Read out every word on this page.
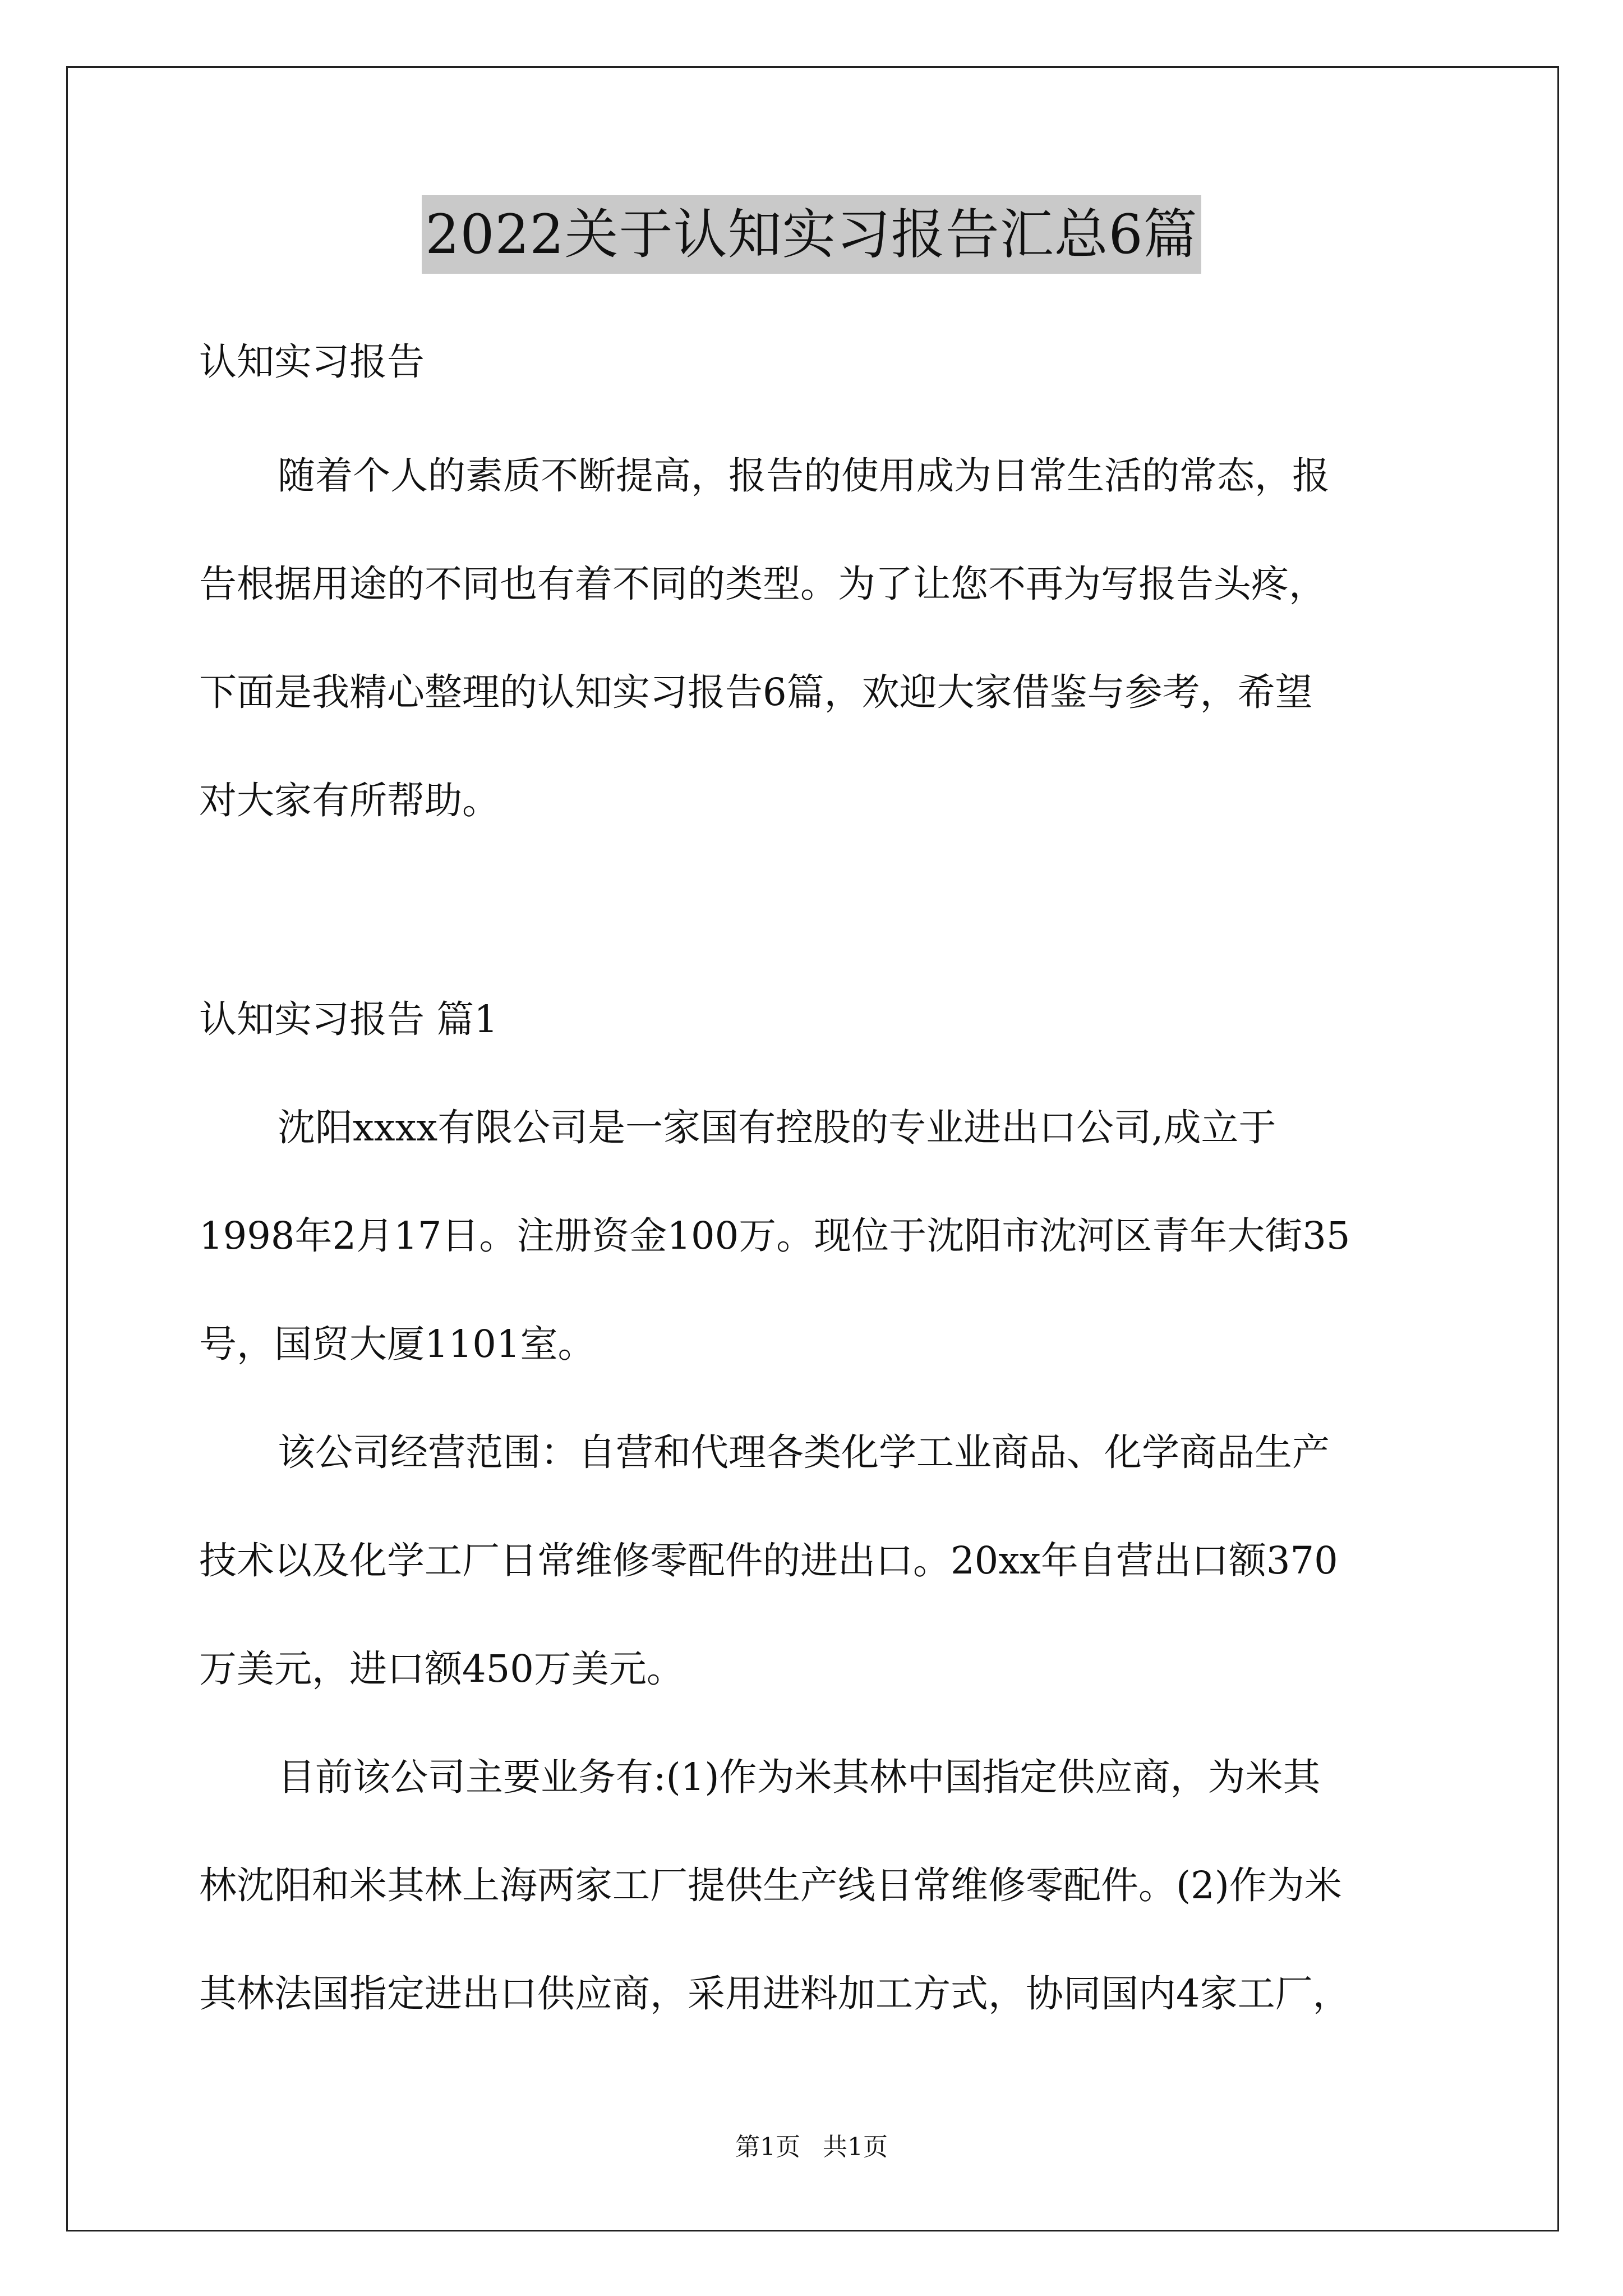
2022关于认知实习报告汇总6篇
认知实习报告
随着个人的素质不断提高，报告的使用成为日常生活的常态，报
告根据用途的不同也有着不同的类型。为了让您不再为写报告头疼，
下面是我精心整理的认知实习报告6篇，欢迎大家借鉴与参考，希望
对大家有所帮助。
认知实习报告 篇1
沈阳xxxx有限公司是一家国有控股的专业进出口公司,成立于
1998年2月17日。注册资金100万。现位于沈阳市沈河区青年大街35
号，国贸大厦1101室。
该公司经营范围：自营和代理各类化学工业商品、化学商品生产
技术以及化学工厂日常维修零配件的进出口。20xx年自营出口额370
万美元，进口额450万美元。
目前该公司主要业务有:(1)作为米其林中国指定供应商，为米其
林沈阳和米其林上海两家工厂提供生产线日常维修零配件。(2)作为米
其林法国指定进出口供应商，采用进料加工方式，协同国内4家工厂，
第1页 共1页
